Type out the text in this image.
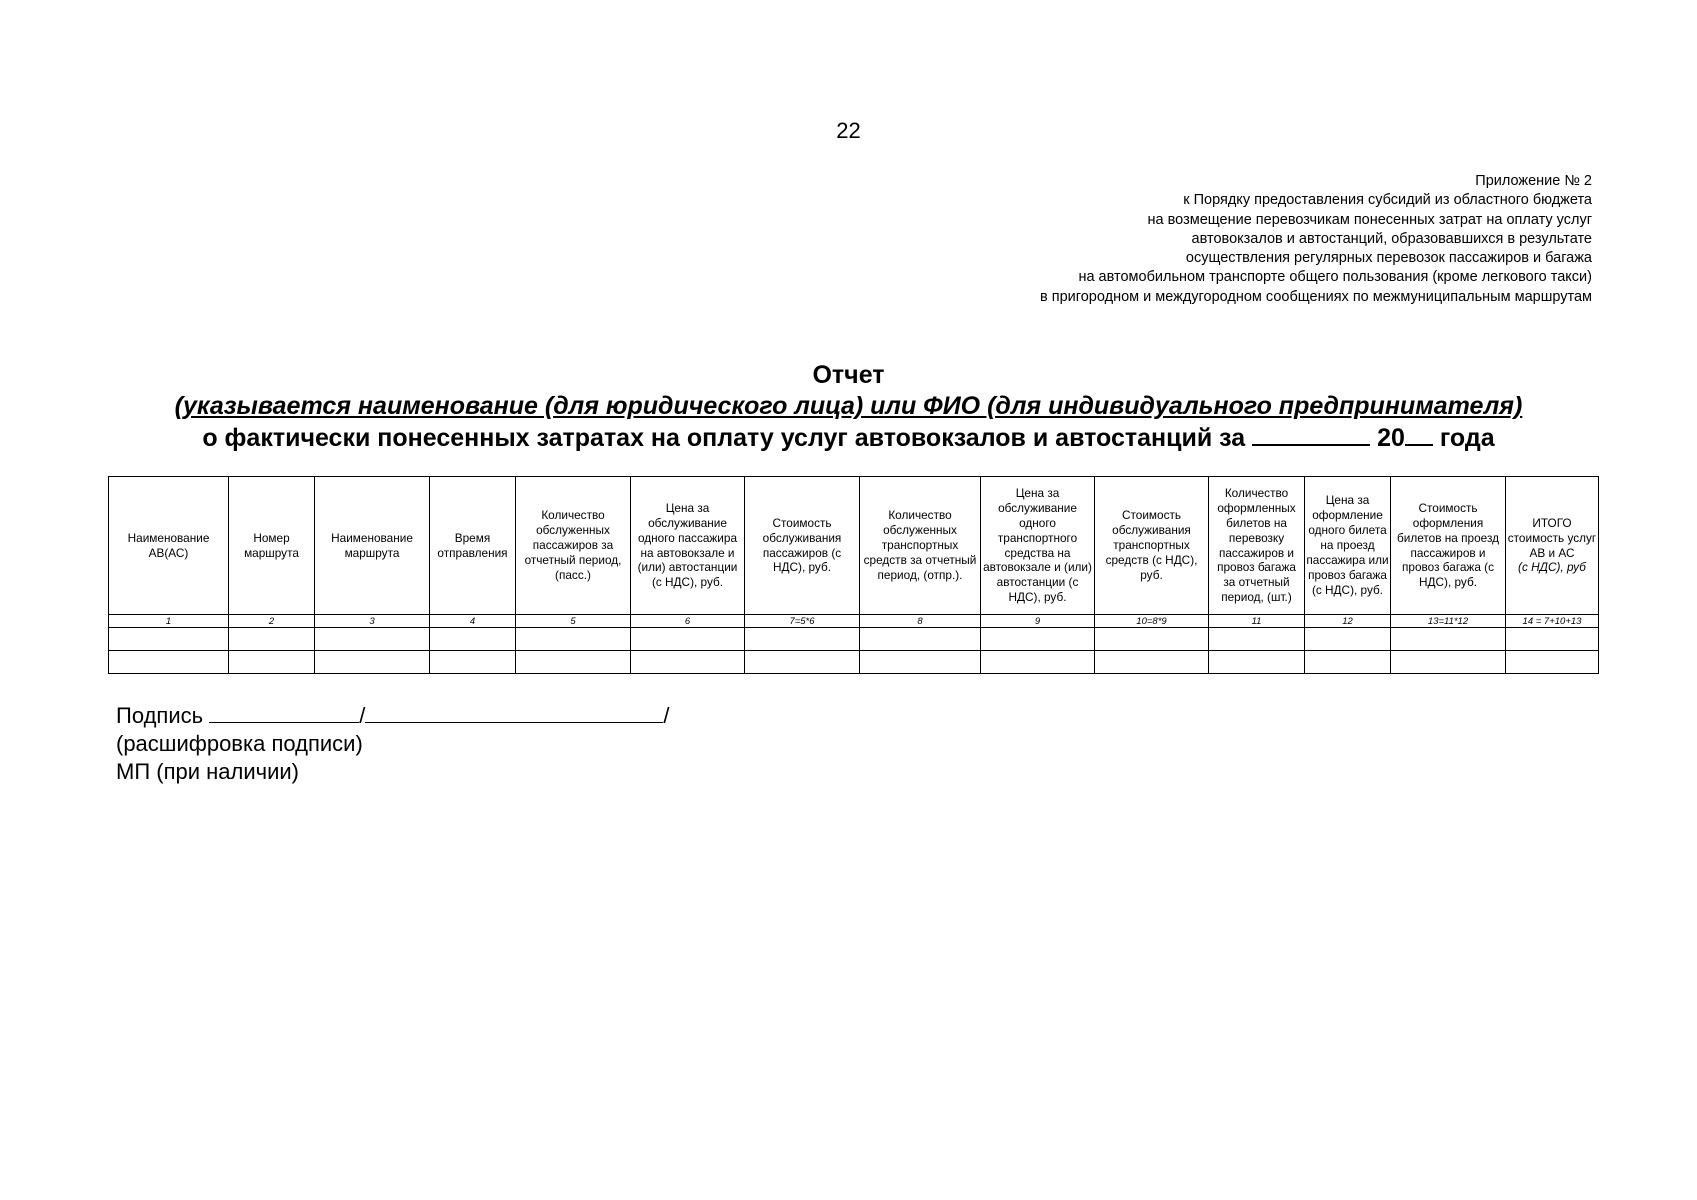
22
Приложение № 2
к Порядку предоставления субсидий из областного бюджета
на возмещение перевозчикам понесенных затрат на оплату услуг
автовокзалов и автостанций, образовавшихся в результате
осуществления регулярных перевозок пассажиров и багажа
на автомобильном транспорте общего пользования (кроме легкового такси)
в пригородном и междугородном сообщениях по межмуниципальным маршрутам
Отчет
(указывается наименование (для юридического лица) или ФИО (для индивидуального предпринимателя)
о фактически понесенных затратах на оплату услуг автовокзалов и автостанций за	20 года
Наименование АВ(АС)	Номер маршрута	Наименование маршрута	Время отправления	Количество обслуженных пассажиров за отчетный период, (пасс.)	Цена за обслуживание одного пассажира на автовокзале и (или) автостанции (с НДС), руб.	Стоимость обслуживания пассажиров (с НДС), руб.	Количество обслуженных транспортных средств за отчетный период, (отпр.).	Цена за обслуживание одного транспортного средства на автовокзале и (или) автостанции (с НДС), руб.	Стоимость обслуживания транспортных средств (с НДС), руб.	Количество оформленных билетов на перевозку пассажиров и провоз багажа за отчетный период, (шт.)	Цена за оформление одного билета на проезд пассажира или провоз багажа (с НДС), руб.	Стоимость оформления билетов на проезд пассажиров и провоз багажа (с НДС), руб.	ИТОГО стоимость услуг АВ и АС
(с НДС), руб
1	2	3	4	5	6	7=5*6	8	9	10=8*9	11	12	13=11*12	14 = 7+10+13

Подпись	/	/
(расшифровка подписи)
МП (при наличии)
